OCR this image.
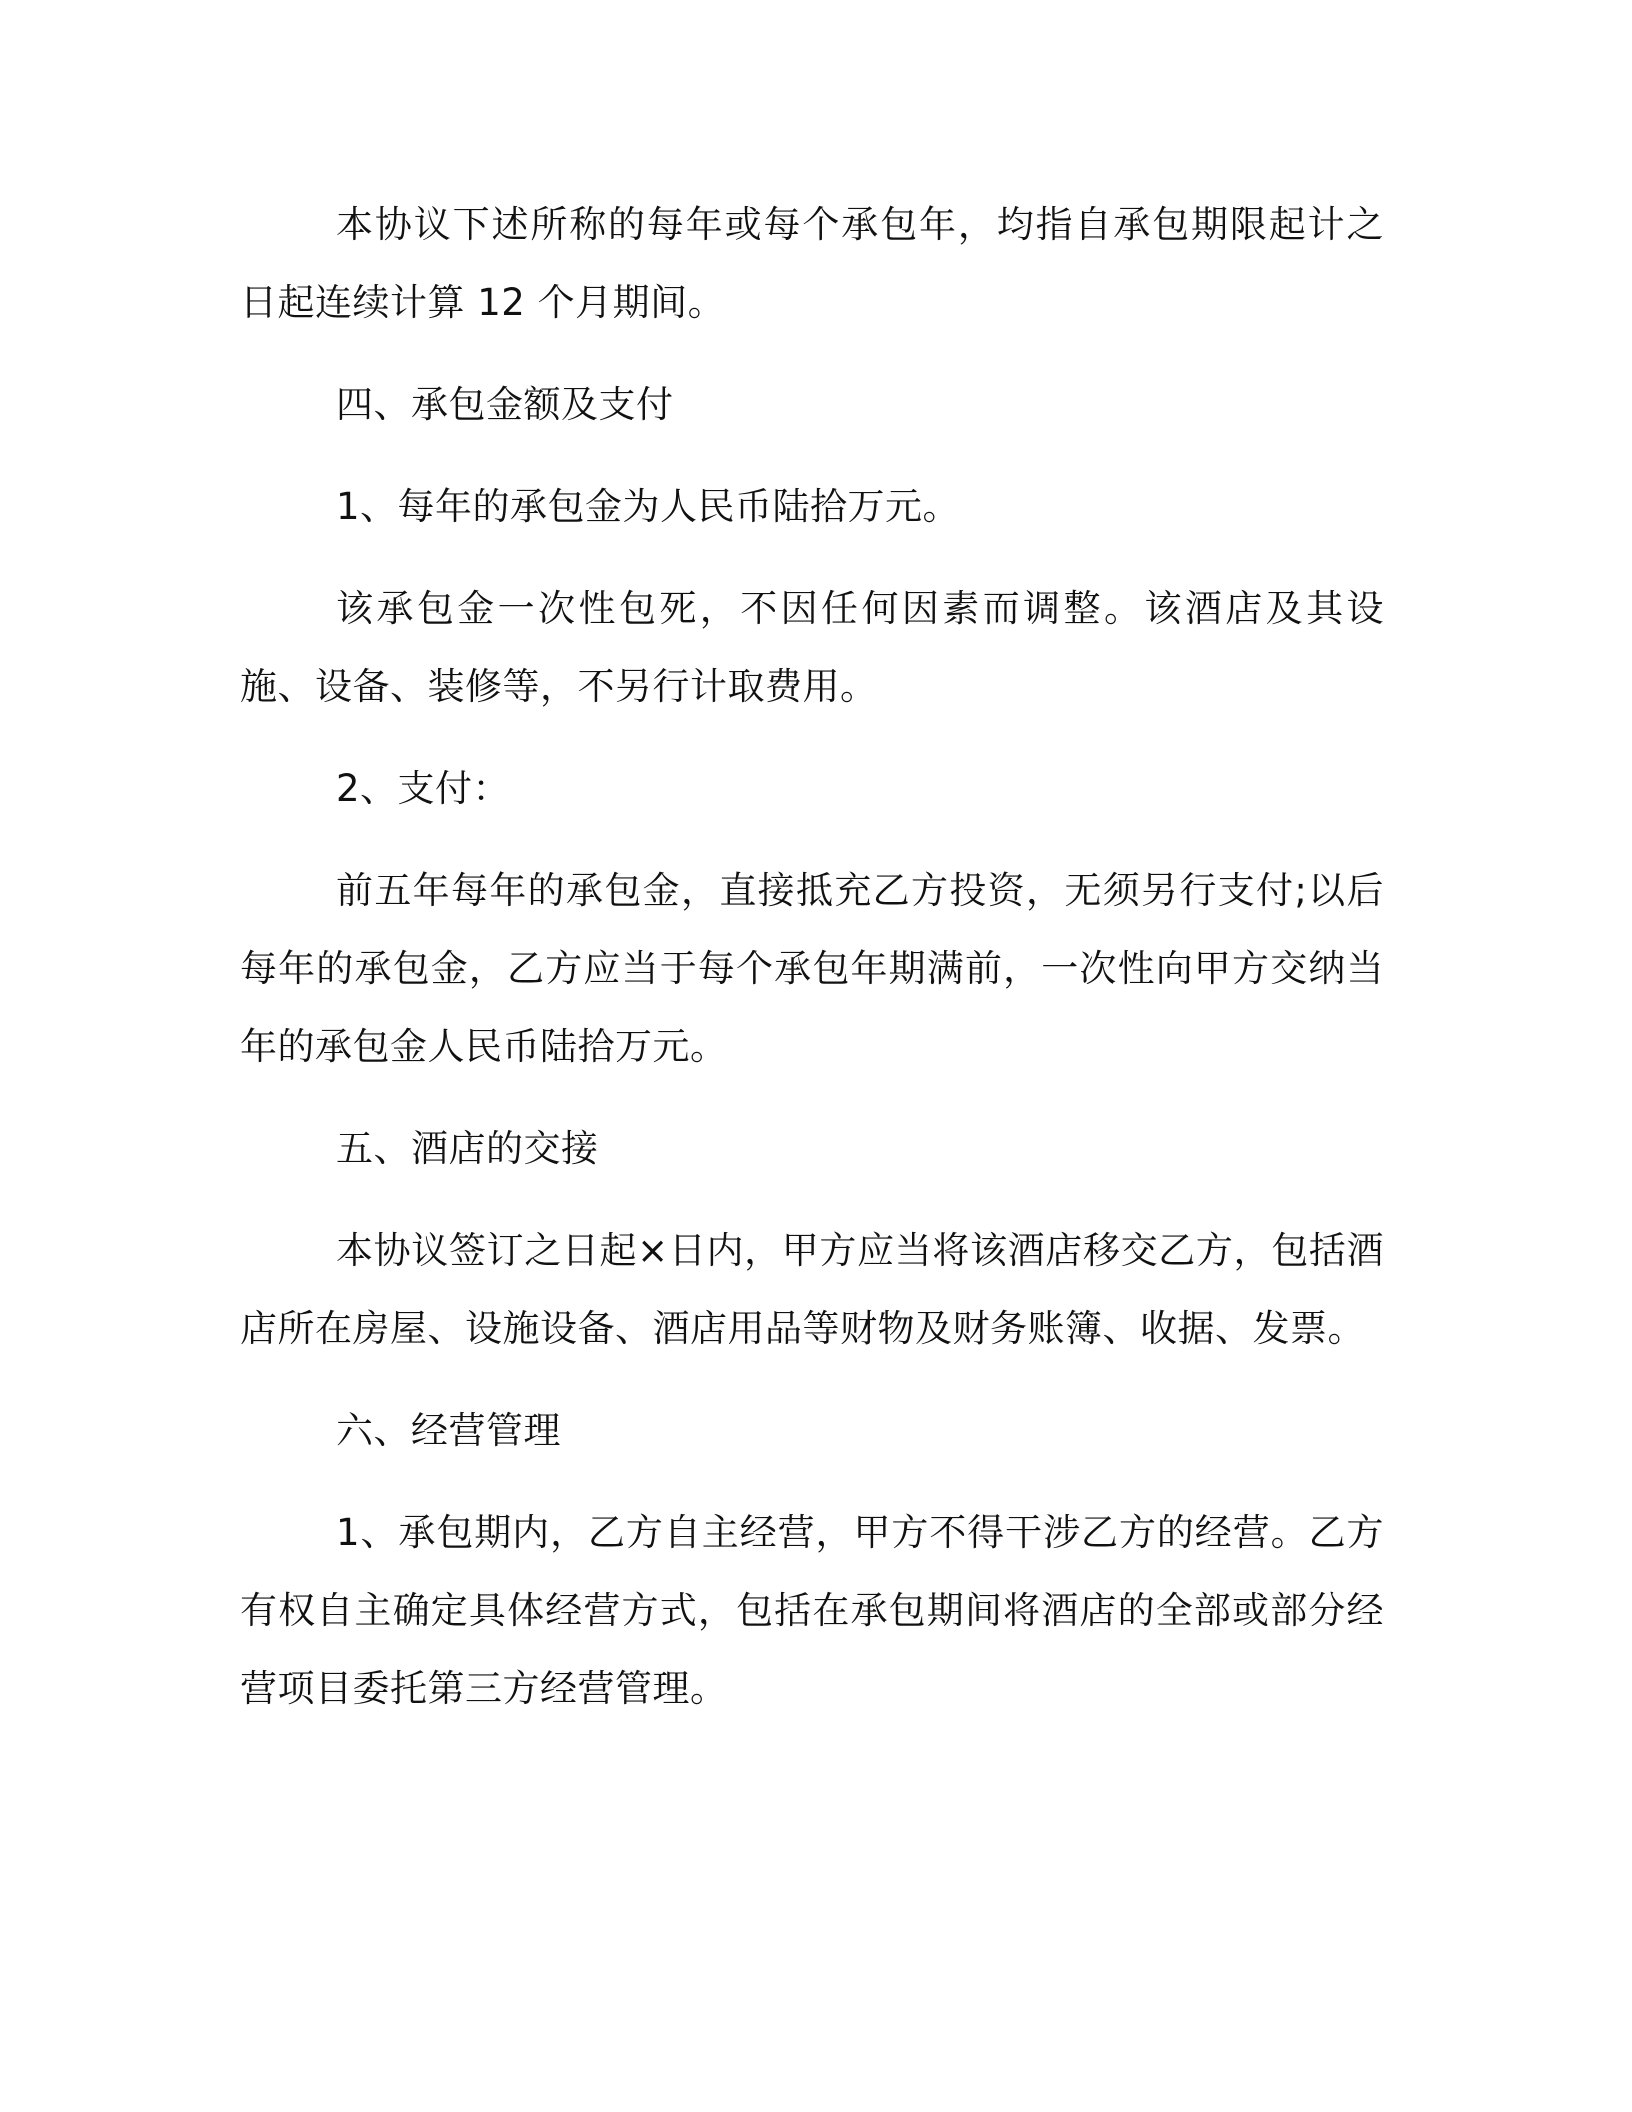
本协议下述所称的每年或每个承包年，均指自承包期限起计之日起连续计算 12 个月期间。

四、承包金额及支付

1、每年的承包金为人民币陆拾万元。

该承包金一次性包死，不因任何因素而调整。该酒店及其设施、设备、装修等，不另行计取费用。

2、支付：

前五年每年的承包金，直接抵充乙方投资，无须另行支付;以后每年的承包金，乙方应当于每个承包年期满前，一次性向甲方交纳当年的承包金人民币陆拾万元。

五、酒店的交接

本协议签订之日起×日内，甲方应当将该酒店移交乙方，包括酒店所在房屋、设施设备、酒店用品等财物及财务账簿、收据、发票。

六、经营管理

1、承包期内，乙方自主经营，甲方不得干涉乙方的经营。乙方有权自主确定具体经营方式，包括在承包期间将酒店的全部或部分经营项目委托第三方经营管理。
